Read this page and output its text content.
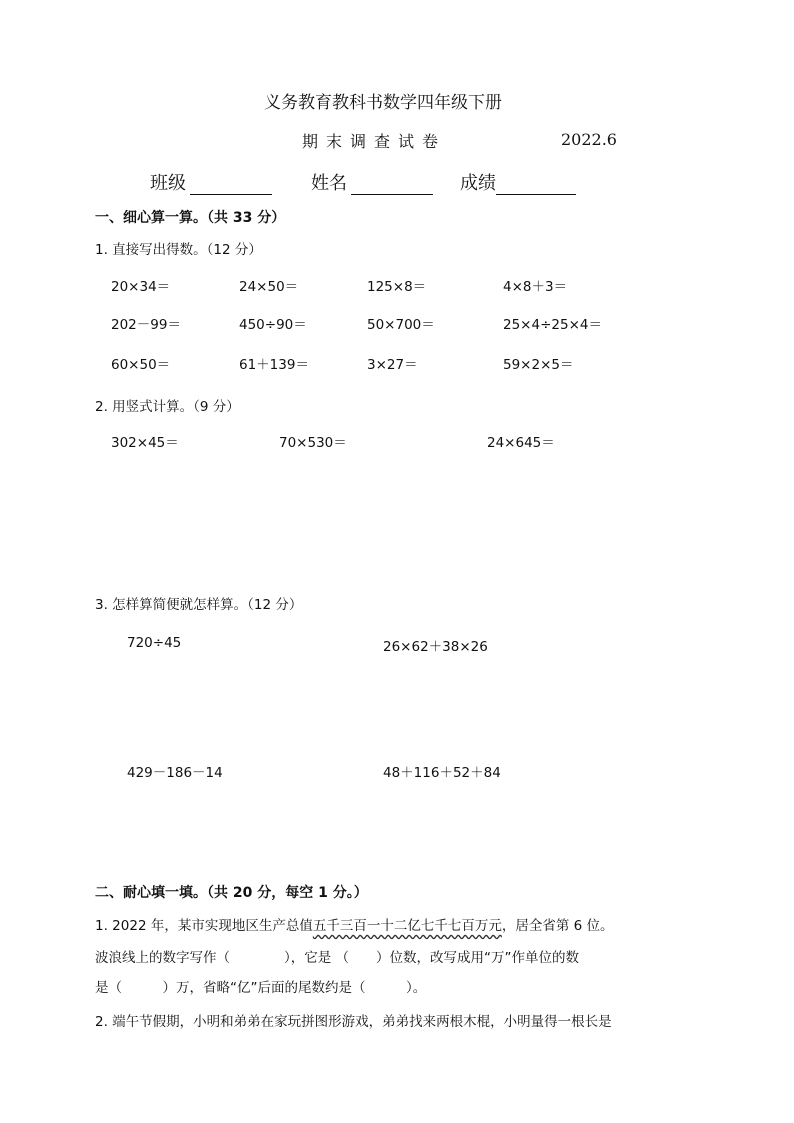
义务教育教科书数学四年级下册
期末调查试卷	2022.6
班级	姓名	成绩
一、细心算一算。（共 33 分）
1. 直接写出得数。（12 分）
20×34＝	24×50＝	125×8＝	4×8＋3＝
202－99＝	450÷90＝	50×700＝	25×4÷25×4＝
60×50＝	61＋139＝	3×27＝	59×2×5＝
2. 用竖式计算。（9 分）
302×45＝	70×530＝	24×645＝
3. 怎样算简便就怎样算。（12 分）
720÷45	26×62＋38×26
429－186－14	48＋116＋52＋84
二、耐心填一填。（共 20 分，每空 1 分。）
1. 2022 年，某市实现地区生产总值五千三百一十二亿七千七百万元，居全省第 6 位。
波浪线上的数字写作（　　　　），它是 （　　）位数，改写成用“万”作单位的数
是（　　　）万，省略“亿”后面的尾数约是（　　　）。
2. 端午节假期，小明和弟弟在家玩拼图形游戏，弟弟找来两根木棍，小明量得一根长是
